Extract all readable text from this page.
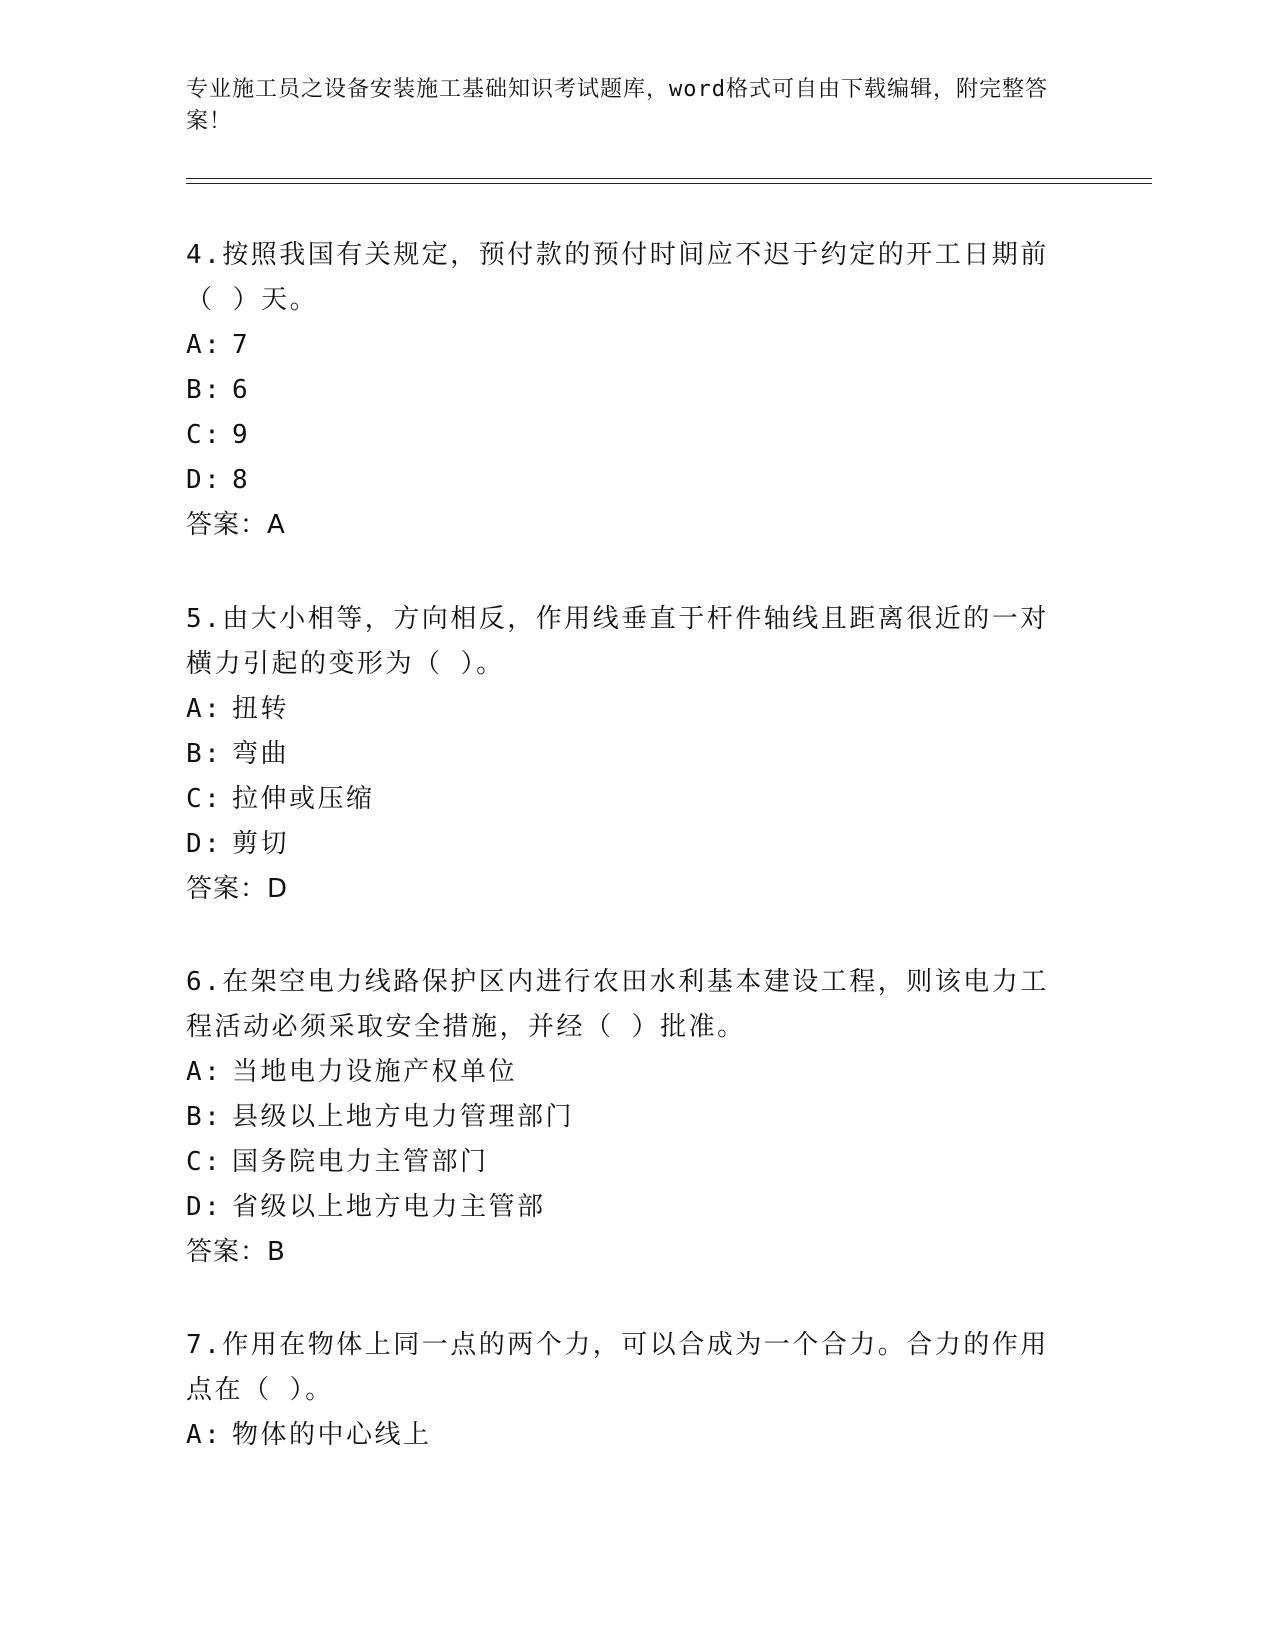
专业施工员之设备安装施工基础知识考试题库，word格式可自由下载编辑，附完整答案！

4.按照我国有关规定，预付款的预付时间应不迟于约定的开工日期前（ ）天。

A: 7

B: 6

C: 9

D: 8

答案：A

5.由大小相等，方向相反，作用线垂直于杆件轴线且距离很近的一对横力引起的变形为（ ）。

A: 扭转

B: 弯曲

C: 拉伸或压缩

D: 剪切

答案：D

6.在架空电力线路保护区内进行农田水利基本建设工程，则该电力工程活动必须采取安全措施，并经（ ）批准。

A: 当地电力设施产权单位

B: 县级以上地方电力管理部门

C: 国务院电力主管部门

D: 省级以上地方电力主管部

答案：B

7.作用在物体上同一点的两个力，可以合成为一个合力。合力的作用点在（ ）。

A: 物体的中心线上
